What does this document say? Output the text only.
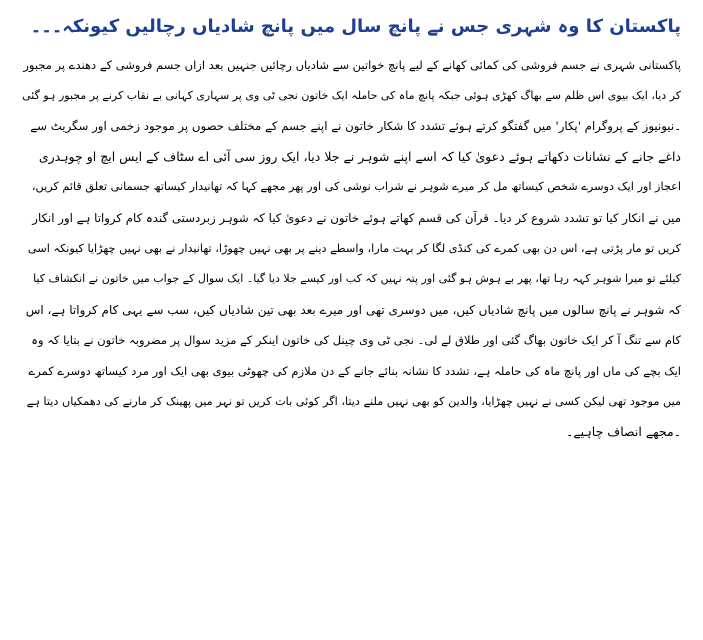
پاکستان کا وہ شہری جس نے پانچ سال میں پانچ شادیاں رچالیں کیونکہ۔۔۔
پاکستانی شہری نے جسم فروشی کی کمائی کھانے کے لیے پانچ خواتین سے شادیاں رچائیں جنہیں بعد ازاں جسم فروشی کے دھندے پر مجبور
کر دیا، ایک بیوی اس ظلم سے بھاگ کھڑی ہوئی جبکہ پانچ ماہ کی حاملہ ایک خاتون نجی ٹی وی پر سہاری کہانی بے نقاب کرنے پر مجبور ہو گئی
۔نیونیوز کے پروگرام 'پکار' میں گفتگو کرتے ہوئے تشدد کا شکار خاتون نے اپنے جسم کے مختلف حصوں پر موجود زخمی اور سگریٹ سے
داغے جانے کے نشانات دکھاتے ہوئے دعویٰ کیا کہ اسے اپنے شوہر نے جلا دیا، ایک روز سی آئی اے سٹاف کے ایس ایچ او چوہدری
اعجاز اور ایک دوسرے شخص کیساتھ مل کر میرے شوہر نے شراب نوشی کی اور پھر مجھے کہا کہ تھانیدار کیساتھ جسمانی تعلق قائم کریں،
میں نے انکار کیا تو تشدد شروع کر دیا۔ قرآن کی قسم کھاتے ہوئے خاتون نے دعویٰ کیا کہ شوہر زبردستی گندہ کام کرواتا ہے اور انکار
کریں تو مار پڑتی ہے، اس دن بھی کمرے کی کنڈی لگا کر بہت مارا، واسطے دینے پر بھی نہیں چھوڑا، تھانیدار نے بھی نہیں چھڑایا کیونکہ اسی
کیلئے تو میرا شوہر کہہ رہا تھا، پھر بے ہوش ہو گئی اور پتہ نہیں کہ کب اور کیسے جلا دیا گیا۔ ایک سوال کے جواب میں خاتون نے انکشاف کیا
کہ شوہر نے پانچ سالوں میں پانچ شادیاں کیں، میں دوسری تھی اور میرے بعد بھی تین شادیاں کیں، سب سے یہی کام کرواتا ہے، اس
کام سے تنگ آ کر ایک خاتون بھاگ گئی اور طلاق لے لی۔ نجی ٹی وی چینل کی خاتون اینکر کے مزید سوال پر مضروبہ خاتون نے بتایا کہ وہ
ایک بچے کی ماں اور پانچ ماہ کی حاملہ ہے، تشدد کا نشانہ بنائے جانے کے دن ملازم کی چھوٹی بیوی بھی ایک اور مرد کیساتھ دوسرے کمرے
میں موجود تھی لیکن کسی نے نہیں چھڑایا، والدین کو بھی نہیں ملنے دیتا، اگر کوئی بات کریں تو نہر میں پھینک کر مارنے کی دھمکیاں دیتا ہے
۔مجھے انصاف چاہیے۔
